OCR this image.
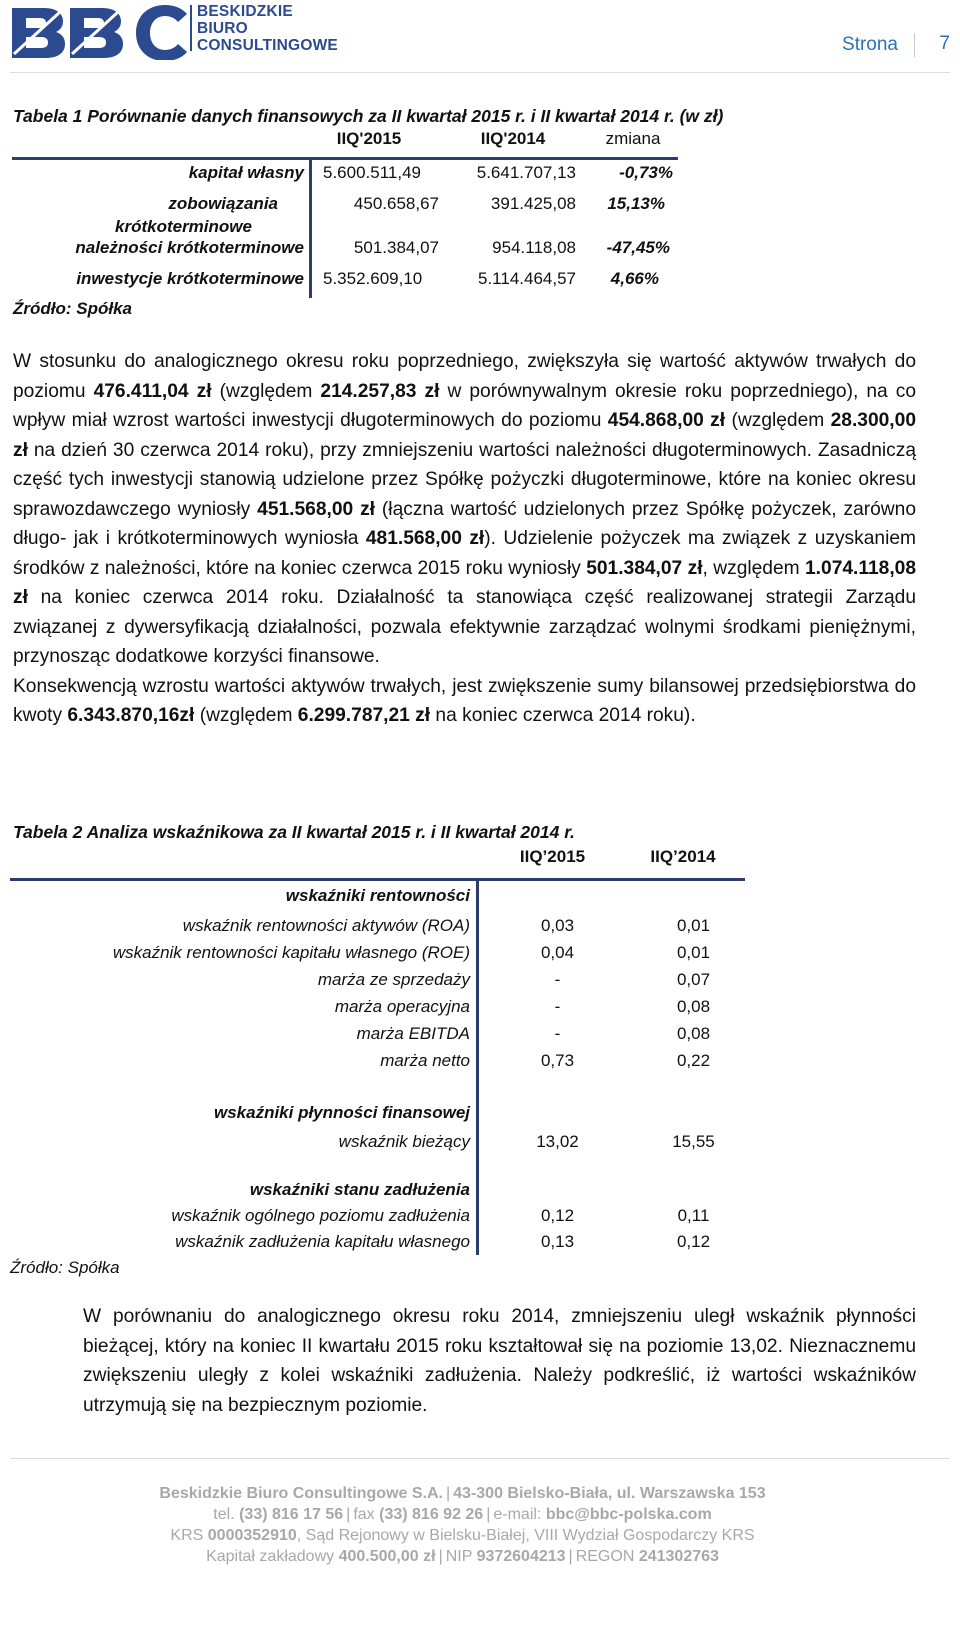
BESKIDZKIE
BIURO
CONSULTINGOWE	Strona 7
Tabela 1 Porównanie danych finansowych za II kwartał 2015 r. i II kwartał 2014 r. (w zł)
IIQ'2015	IIQ'2014	zmiana
kapitał własny 5.600.511,49	5.641.707,13	-0,73%
zobowiązania
krótkoterminowe
450.658,67	391.425,08	15,13%
należności krótkoterminowe	501.384,07	954.118,08	-47,45%
inwestycje krótkoterminowe 5.352.609,10	5.114.464,57	4,66%
Źródło: Spółka
W stosunku do analogicznego okresu roku poprzedniego, zwiększyła się wartość aktywów trwałych do poziomu 476.411,04 zł (względem 214.257,83 zł w porównywalnym okresie roku poprzedniego), na co wpływ miał wzrost wartości inwestycji długoterminowych do poziomu 454.868,00 zł (względem 28.300,00 zł na dzień 30 czerwca 2014 roku), przy zmniejszeniu wartości należności długoterminowych. Zasadniczą część tych inwestycji stanowią udzielone przez Spółkę pożyczki długoterminowe, które na koniec okresu sprawozdawczego wyniosły 451.568,00 zł (łączna wartość udzielonych przez Spółkę pożyczek, zarówno długo- jak i krótkoterminowych wyniosła 481.568,00 zł). Udzielenie pożyczek ma związek z uzyskaniem środków z należności, które na koniec czerwca 2015 roku wyniosły 501.384,07 zł, względem 1.074.118,08 zł na koniec czerwca 2014 roku. Działalność ta stanowiąca część realizowanej strategii Zarządu związanej z dywersyfikacją działalności, pozwala efektywnie zarządzać wolnymi środkami pieniężnymi, przynosząc dodatkowe korzyści finansowe.
Konsekwencją wzrostu wartości aktywów trwałych, jest zwiększenie sumy bilansowej przedsiębiorstwa do kwoty 6.343.870,16zł (względem 6.299.787,21 zł na koniec czerwca 2014 roku).
Tabela 2 Analiza wskaźnikowa za II kwartał 2015 r. i II kwartał 2014 r.
IIQ’2015	IIQ’2014
wskaźniki rentowności
wskaźnik rentowności aktywów (ROA)	0,03	0,01
wskaźnik rentowności kapitału własnego (ROE)	0,04	0,01
marża ze sprzedaży	-	0,07
marża operacyjna	-	0,08
marża EBITDA	-	0,08
marża netto	0,73	0,22
wskaźniki płynności finansowej
wskaźnik bieżący	13,02	15,55
wskaźniki stanu zadłużenia
wskaźnik ogólnego poziomu zadłużenia	0,12	0,11
wskaźnik zadłużenia kapitału własnego	0,13	0,12
Źródło: Spółka
W porównaniu do analogicznego okresu roku 2014, zmniejszeniu uległ wskaźnik płynności bieżącej, który na koniec II kwartału 2015 roku kształtował się na poziomie 13,02. Nieznacznemu zwiększeniu uległy z kolei wskaźniki zadłużenia. Należy podkreślić, iż wartości wskaźników utrzymują się na bezpiecznym poziomie.
Beskidzkie Biuro Consultingowe S.A. | 43-300 Bielsko-Biała, ul. Warszawska 153
tel. (33) 816 17 56 | fax (33) 816 92 26 | e-mail: bbc@bbc-polska.com
KRS 0000352910, Sąd Rejonowy w Bielsku-Białej, VIII Wydział Gospodarczy KRS
Kapitał zakładowy 400.500,00 zł | NIP 9372604213 | REGON 241302763
